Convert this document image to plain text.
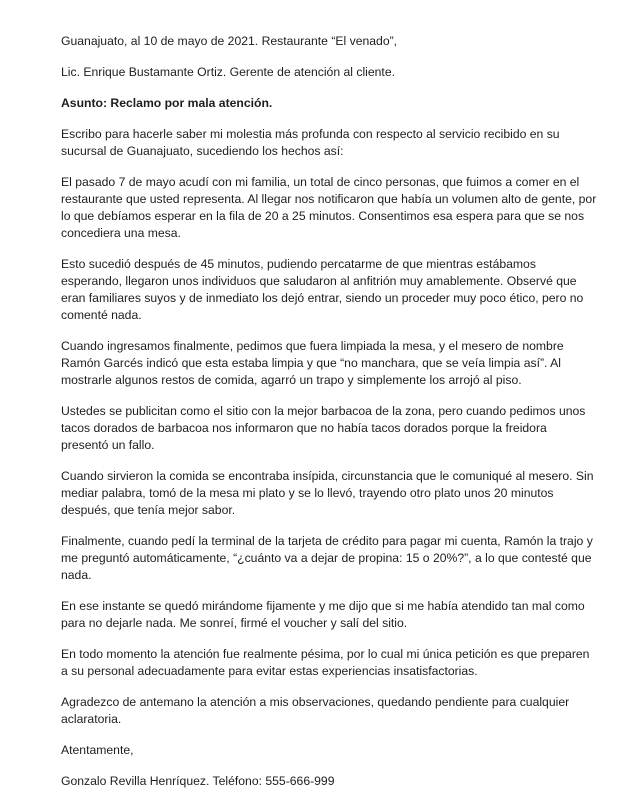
Guanajuato, al 10 de mayo de 2021. Restaurante “El venado”,

Lic. Enrique Bustamante Ortiz. Gerente de atención al cliente.

Asunto: Reclamo por mala atención.

Escribo para hacerle saber mi molestia más profunda con respecto al servicio recibido en su sucursal de Guanajuato, sucediendo los hechos así:

El pasado 7 de mayo acudí con mi familia, un total de cinco personas, que fuimos a comer en el restaurante que usted representa. Al llegar nos notificaron que había un volumen alto de gente, por lo que debíamos esperar en la fila de 20 a 25 minutos. Consentimos esa espera para que se nos concediera una mesa.

Esto sucedió después de 45 minutos, pudiendo percatarme de que mientras estábamos esperando, llegaron unos individuos que saludaron al anfitrión muy amablemente. Observé que eran familiares suyos y de inmediato los dejó entrar, siendo un proceder muy poco ético, pero no comenté nada.

Cuando ingresamos finalmente, pedimos que fuera limpiada la mesa, y el mesero de nombre Ramón Garcés indicó que esta estaba limpia y que “no manchara, que se veía limpia así”. Al mostrarle algunos restos de comida, agarró un trapo y simplemente los arrojó al piso.

Ustedes se publicitan como el sitio con la mejor barbacoa de la zona, pero cuando pedimos unos tacos dorados de barbacoa nos informaron que no había tacos dorados porque la freidora presentó un fallo.

Cuando sirvieron la comida se encontraba insípida, circunstancia que le comuniqué al mesero. Sin mediar palabra, tomó de la mesa mi plato y se lo llevó, trayendo otro plato unos 20 minutos después, que tenía mejor sabor.

Finalmente, cuando pedí la terminal de la tarjeta de crédito para pagar mi cuenta, Ramón la trajo y me preguntó automáticamente, “¿cuánto va a dejar de propina: 15 o 20%?”, a lo que contesté que nada.

En ese instante se quedó mirándome fijamente y me dijo que si me había atendido tan mal como para no dejarle nada. Me sonreí, firmé el voucher y salí del sitio.

En todo momento la atención fue realmente pésima, por lo cual mi única petición es que preparen a su personal adecuadamente para evitar estas experiencias insatisfactorias.

Agradezco de antemano la atención a mis observaciones, quedando pendiente para cualquier aclaratoria.

Atentamente,

Gonzalo Revilla Henríquez. Teléfono: 555-666-999
